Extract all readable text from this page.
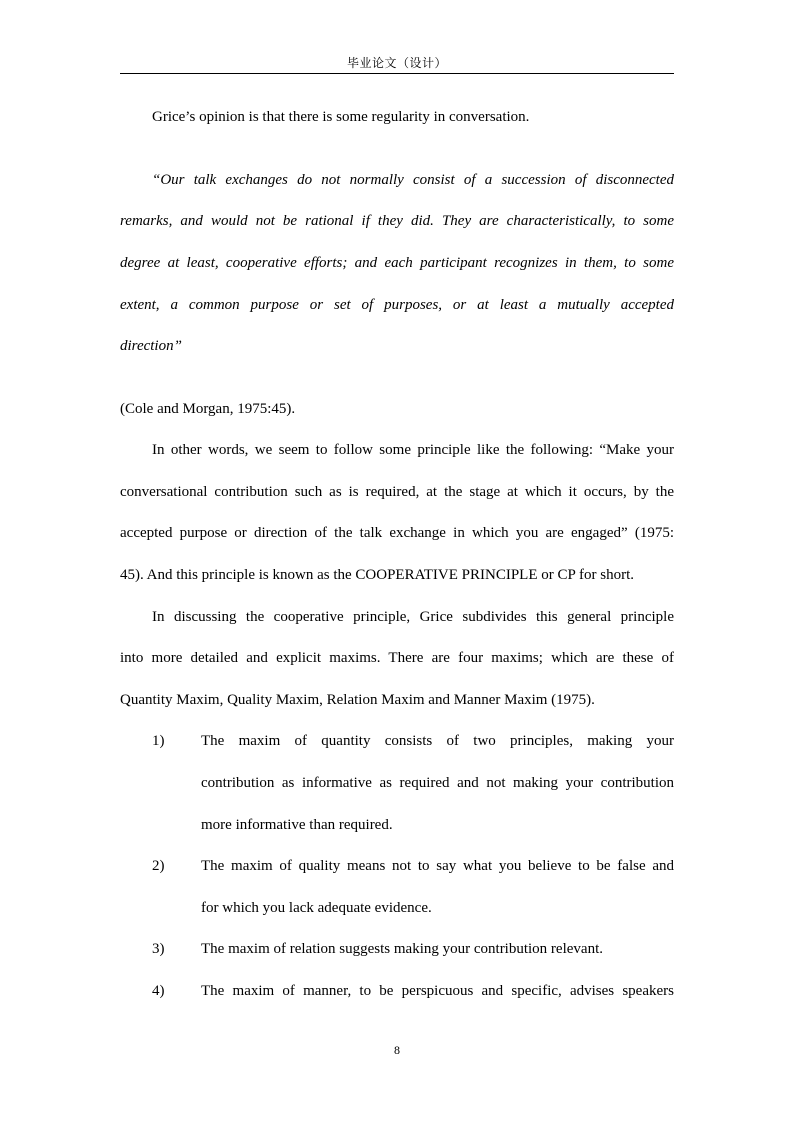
毕业论文（设计）
Grice’s opinion is that there is some regularity in conversation.
“Our talk exchanges do not normally consist of a succession of disconnected
remarks, and would not be rational if they did. They are characteristically, to some
degree at least, cooperative efforts; and each participant recognizes in them, to some
extent, a common purpose or set of purposes, or at least a mutually accepted
direction”
(Cole and Morgan, 1975:45).
In other words, we seem to follow some principle like the following: “Make your
conversational contribution such as is required, at the stage at which it occurs, by the
accepted purpose or direction of the talk exchange in which you are engaged” (1975:
45). And this principle is known as the COOPERATIVE PRINCIPLE or CP for short.
In discussing the cooperative principle, Grice subdivides this general principle
into more detailed and explicit maxims. There are four maxims; which are these of
Quantity Maxim, Quality Maxim, Relation Maxim and Manner Maxim (1975).
1) The maxim of quantity consists of two principles, making your
contribution as informative as required and not making your contribution
more informative than required.
2) The maxim of quality means not to say what you believe to be false and
for which you lack adequate evidence.
3) The maxim of relation suggests making your contribution relevant.
4) The maxim of manner, to be perspicuous and specific, advises speakers
8
